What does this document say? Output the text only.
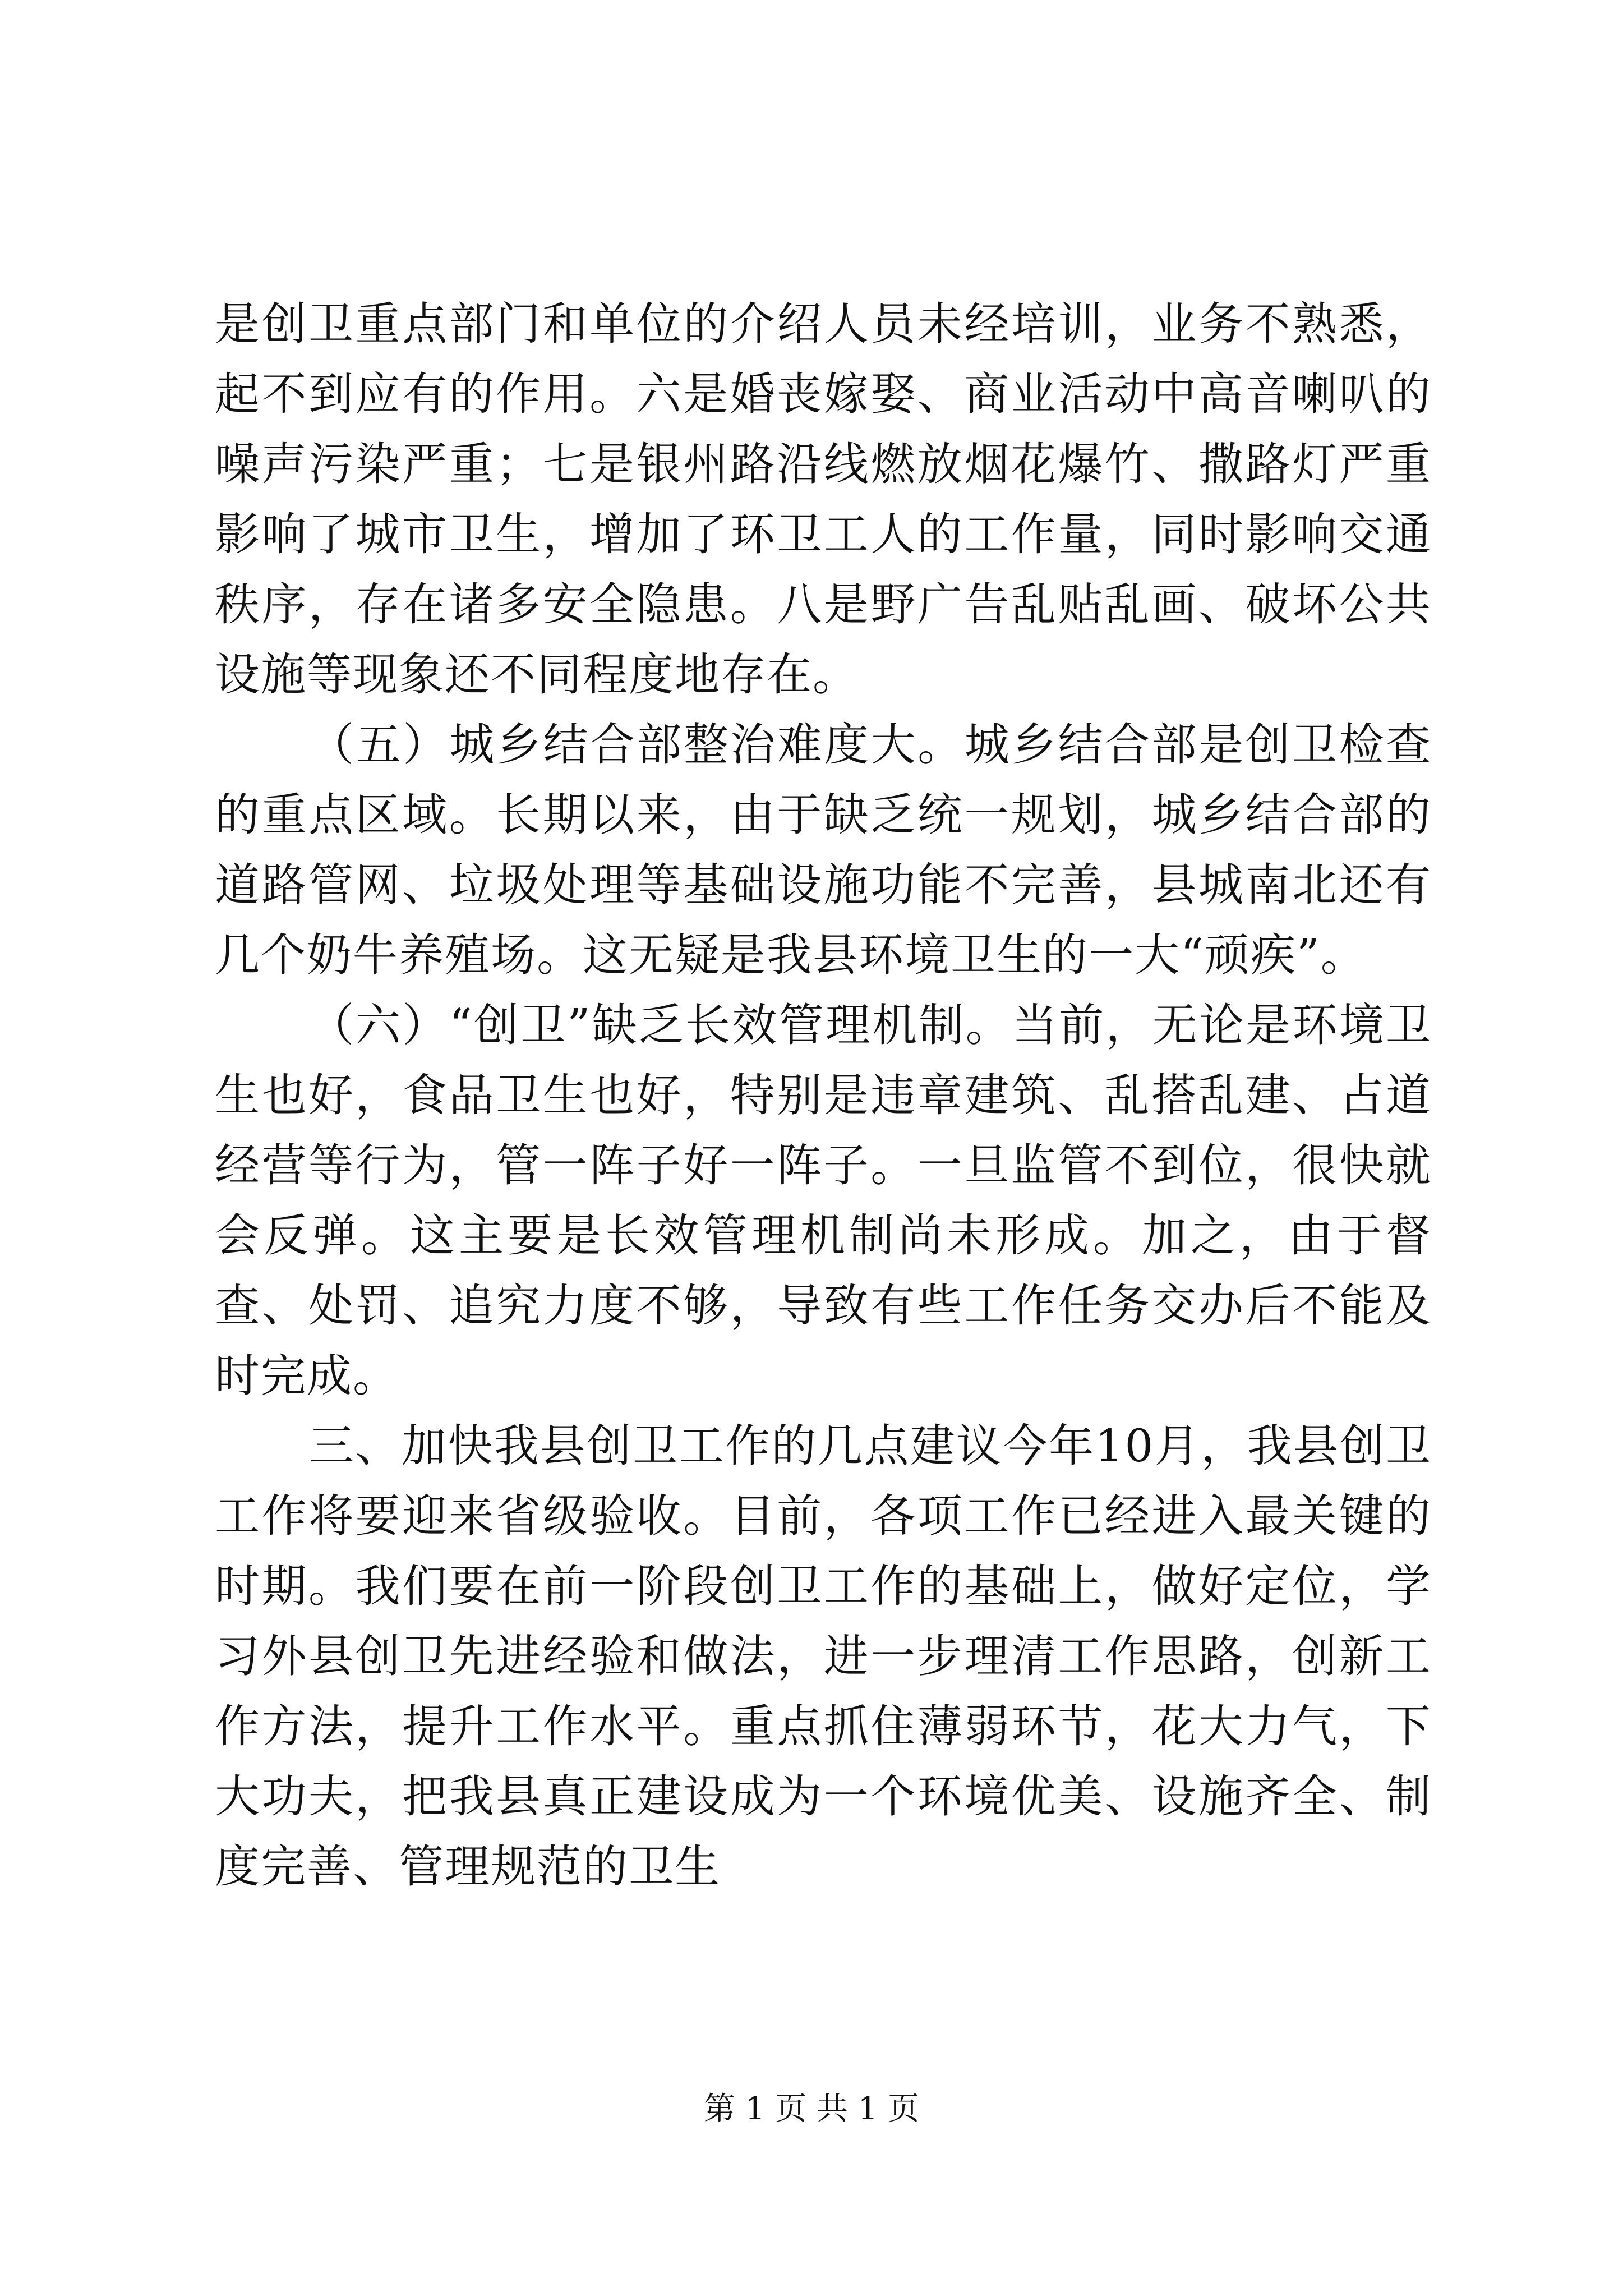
是创卫重点部门和单位的介绍人员未经培训，业务不熟悉，起不到应有的作用。六是婚丧嫁娶、商业活动中高音喇叭的噪声污染严重；七是银州路沿线燃放烟花爆竹、撒路灯严重影响了城市卫生，增加了环卫工人的工作量，同时影响交通秩序，存在诸多安全隐患。八是野广告乱贴乱画、破坏公共设施等现象还不同程度地存在。

（五）城乡结合部整治难度大。城乡结合部是创卫检查的重点区域。长期以来，由于缺乏统一规划，城乡结合部的道路管网、垃圾处理等基础设施功能不完善，县城南北还有几个奶牛养殖场。这无疑是我县环境卫生的一大“顽疾”。

（六）“创卫”缺乏长效管理机制。当前，无论是环境卫生也好，食品卫生也好，特别是违章建筑、乱搭乱建、占道经营等行为，管一阵子好一阵子。一旦监管不到位，很快就会反弹。这主要是长效管理机制尚未形成。加之，由于督查、处罚、追究力度不够，导致有些工作任务交办后不能及时完成。

三、加快我县创卫工作的几点建议今年10月，我县创卫工作将要迎来省级验收。目前，各项工作已经进入最关键的时期。我们要在前一阶段创卫工作的基础上，做好定位，学习外县创卫先进经验和做法，进一步理清工作思路，创新工作方法，提升工作水平。重点抓住薄弱环节，花大力气，下大功夫，把我县真正建设成为一个环境优美、设施齐全、制度完善、管理规范的卫生

第 1 页 共 1 页
